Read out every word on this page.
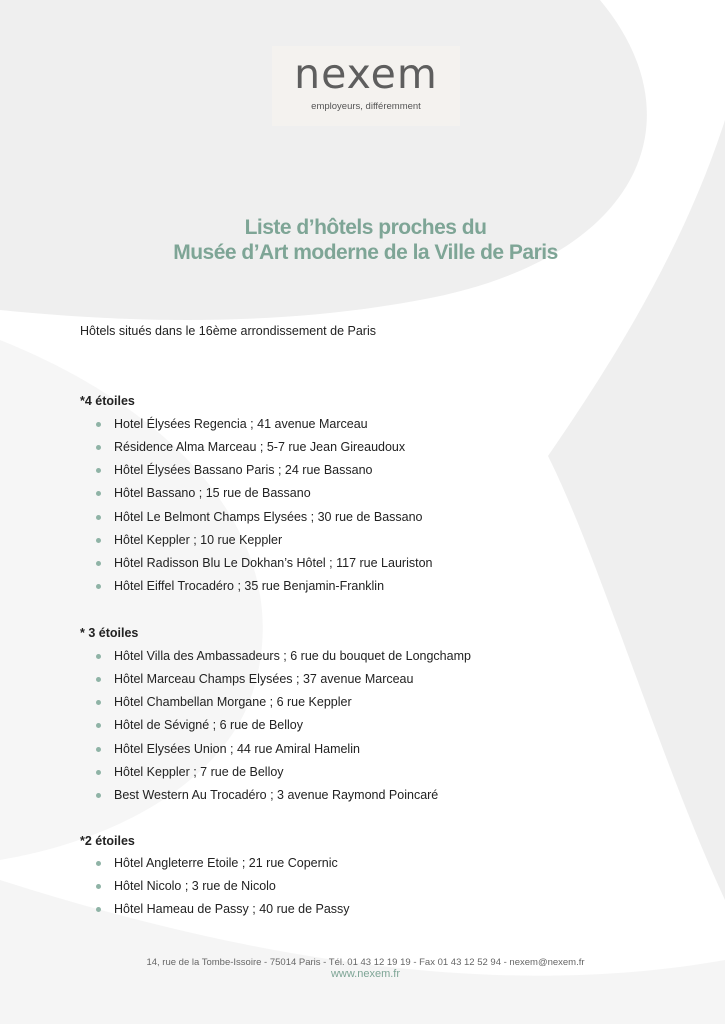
nexem
employeurs, différemment
Liste d’hôtels proches du
Musée d’Art moderne de la Ville de Paris
Hôtels situés dans le 16ème arrondissement de Paris
*4 étoiles
Hotel Élysées Regencia ; 41 avenue Marceau
Résidence Alma Marceau ; 5-7 rue Jean Gireaudoux
Hôtel Élysées Bassano Paris ; 24 rue Bassano
Hôtel Bassano ; 15 rue de Bassano
Hôtel Le Belmont Champs Elysées ; 30 rue de Bassano
Hôtel Keppler ; 10 rue Keppler
Hôtel Radisson Blu Le Dokhan’s Hôtel ; 117 rue Lauriston
Hôtel Eiffel Trocadéro ; 35 rue Benjamin-Franklin
* 3 étoiles
Hôtel Villa des Ambassadeurs ; 6 rue du bouquet de Longchamp
Hôtel Marceau Champs Elysées ; 37 avenue Marceau
Hôtel Chambellan Morgane ; 6 rue Keppler
Hôtel de Sévigné ; 6 rue de Belloy
Hôtel Elysées Union ; 44 rue Amiral Hamelin
Hôtel Keppler ; 7 rue de Belloy
Best Western Au Trocadéro ; 3 avenue Raymond Poincaré
*2 étoiles
Hôtel Angleterre Etoile ; 21 rue Copernic
Hôtel Nicolo ; 3 rue de Nicolo
Hôtel Hameau de Passy ; 40 rue de Passy
14, rue de la Tombe-Issoire - 75014 Paris - Tél. 01 43 12 19 19 - Fax 01 43 12 52 94 - nexem@nexem.fr
www.nexem.fr
